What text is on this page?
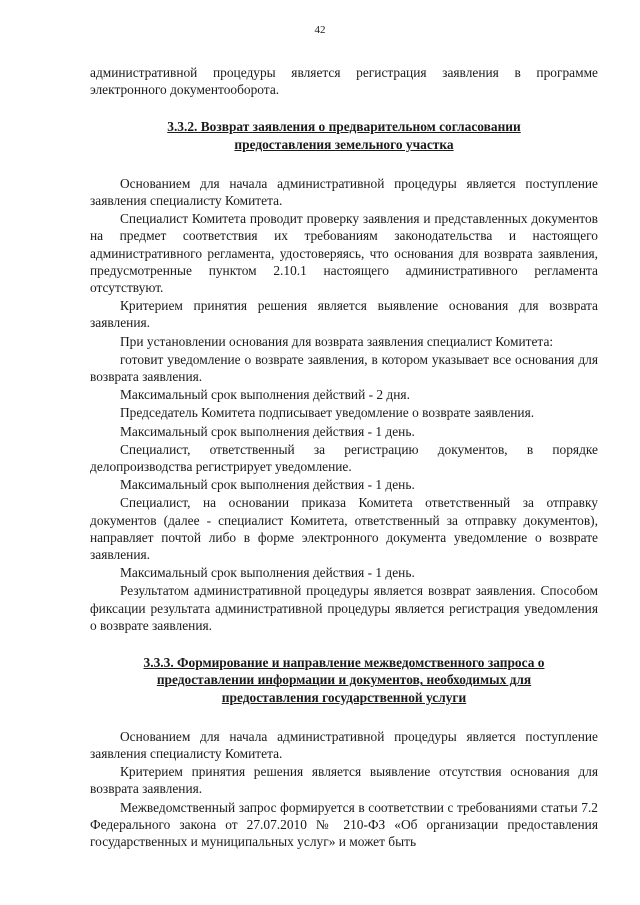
42

административной процедуры является регистрация заявления в программе электронного документооборота.

3.3.2. Возврат заявления о предварительном согласовании
предоставления земельного участка

Основанием для начала административной процедуры является поступление заявления специалисту Комитета.

Специалист Комитета проводит проверку заявления и представленных документов на предмет соответствия их требованиям законодательства и настоящего административного регламента, удостоверяясь, что основания для возврата заявления, предусмотренные пунктом 2.10.1 настоящего административного регламента отсутствуют.

Критерием принятия решения является выявление основания для возврата заявления.

При установлении основания для возврата заявления специалист Комитета:

готовит уведомление о возврате заявления, в котором указывает все основания для возврата заявления.

Максимальный срок выполнения действий - 2 дня.

Председатель Комитета подписывает уведомление о возврате заявления.

Максимальный срок выполнения действия - 1 день.

Специалист, ответственный за регистрацию документов, в порядке делопроизводства регистрирует уведомление.

Максимальный срок выполнения действия - 1 день.

Специалист, на основании приказа Комитета ответственный за отправку документов (далее - специалист Комитета, ответственный за отправку документов), направляет почтой либо в форме электронного документа уведомление о возврате заявления.

Максимальный срок выполнения действия - 1 день.

Результатом административной процедуры является возврат заявления. Способом фиксации результата административной процедуры является регистрация уведомления о возврате заявления.

3.3.3. Формирование и направление межведомственного запроса о
предоставлении информации и документов, необходимых для
предоставления государственной услуги

Основанием для начала административной процедуры является поступление заявления специалисту Комитета.

Критерием принятия решения является выявление отсутствия основания для возврата заявления.

Межведомственный запрос формируется в соответствии с требованиями статьи 7.2 Федерального закона от 27.07.2010 № 210-ФЗ «Об организации предоставления государственных и муниципальных услуг» и может быть
